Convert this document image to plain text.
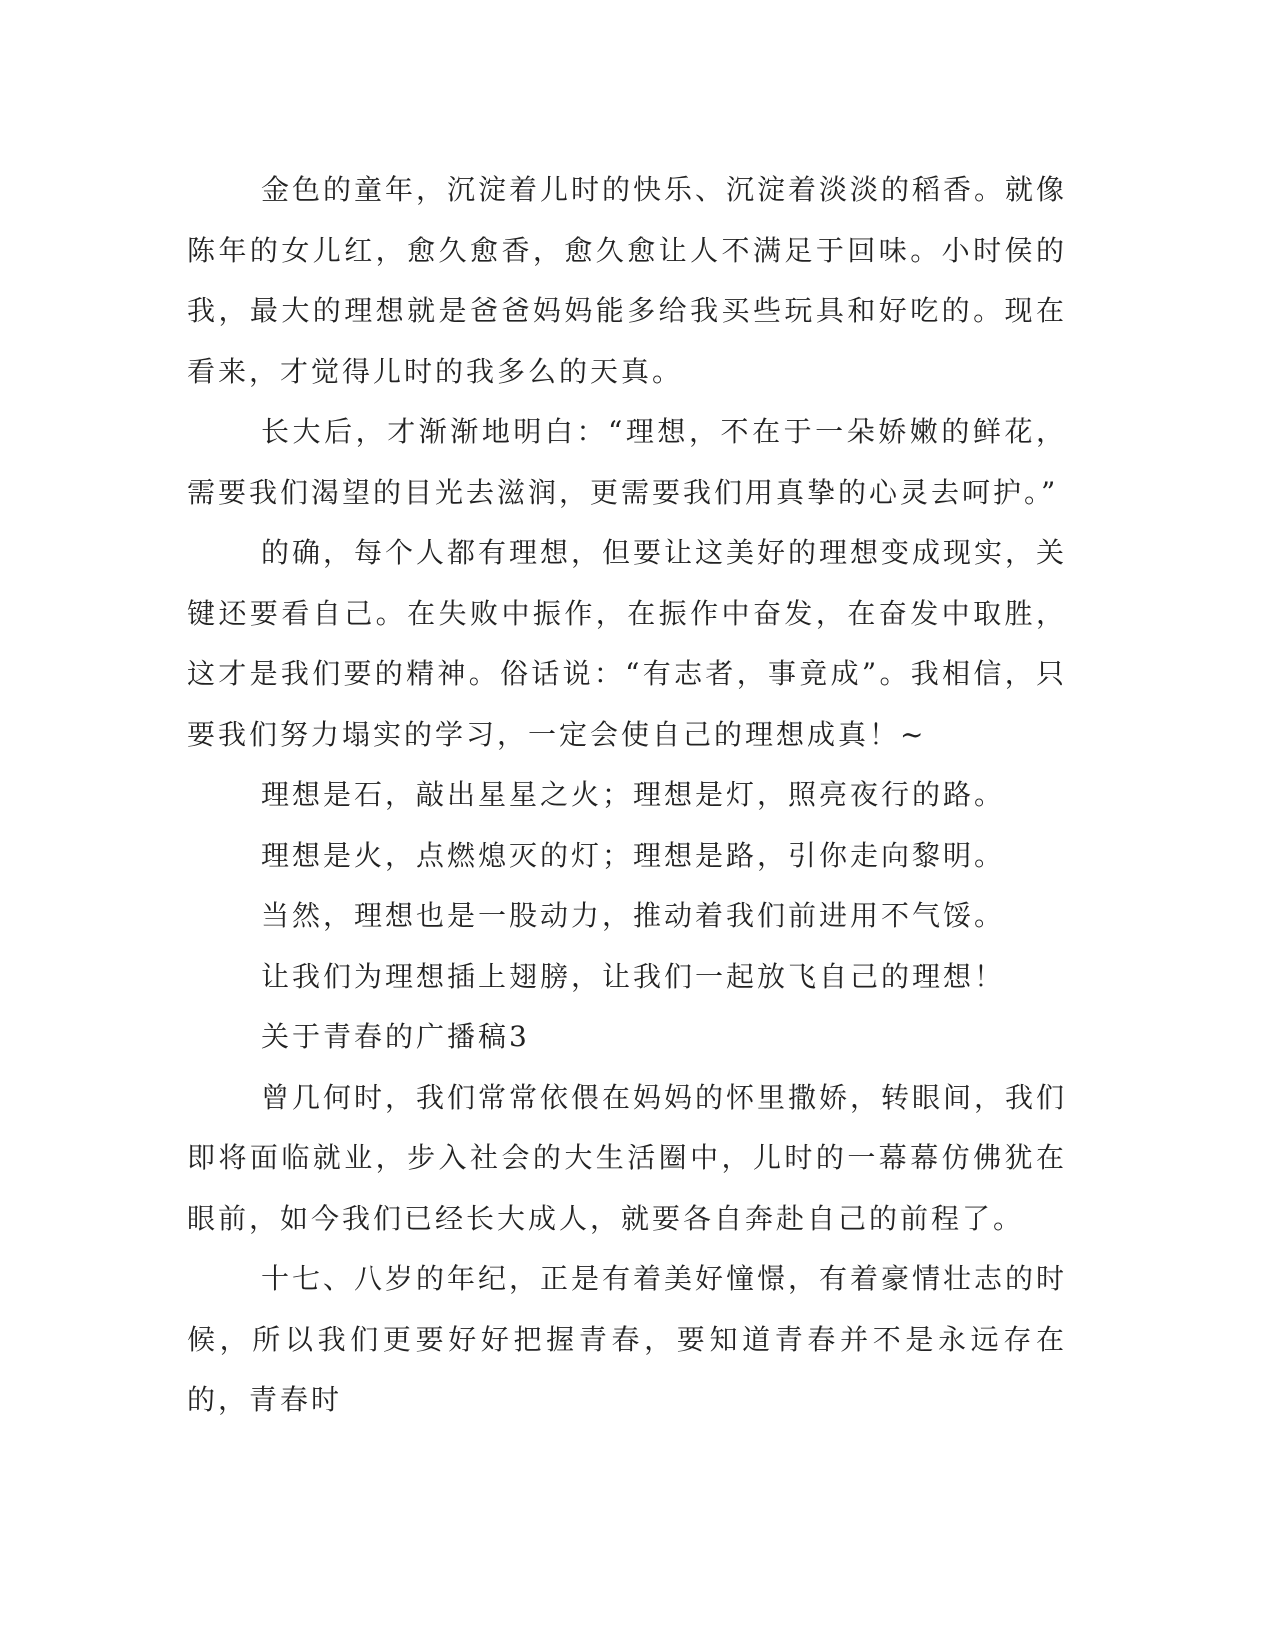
金色的童年，沉淀着儿时的快乐、沉淀着淡淡的稻香。就像陈年的女儿红，愈久愈香，愈久愈让人不满足于回味。小时侯的我，最大的理想就是爸爸妈妈能多给我买些玩具和好吃的。现在看来，才觉得儿时的我多么的天真。

长大后，才渐渐地明白：“理想，不在于一朵娇嫩的鲜花，需要我们渴望的目光去滋润，更需要我们用真挚的心灵去呵护。”

的确，每个人都有理想，但要让这美好的理想变成现实，关键还要看自己。在失败中振作，在振作中奋发，在奋发中取胜，这才是我们要的精神。俗话说：“有志者，事竟成”。我相信，只要我们努力塌实的学习，一定会使自己的理想成真！~

理想是石，敲出星星之火；理想是灯，照亮夜行的路。

理想是火，点燃熄灭的灯；理想是路，引你走向黎明。

当然，理想也是一股动力，推动着我们前进用不气馁。

让我们为理想插上翅膀，让我们一起放飞自己的理想！

关于青春的广播稿3

曾几何时，我们常常依偎在妈妈的怀里撒娇，转眼间，我们即将面临就业，步入社会的大生活圈中，儿时的一幕幕仿佛犹在眼前，如今我们已经长大成人，就要各自奔赴自己的前程了。

十七、八岁的年纪，正是有着美好憧憬，有着豪情壮志的时候，所以我们更要好好把握青春，要知道青春并不是永远存在的，青春时
